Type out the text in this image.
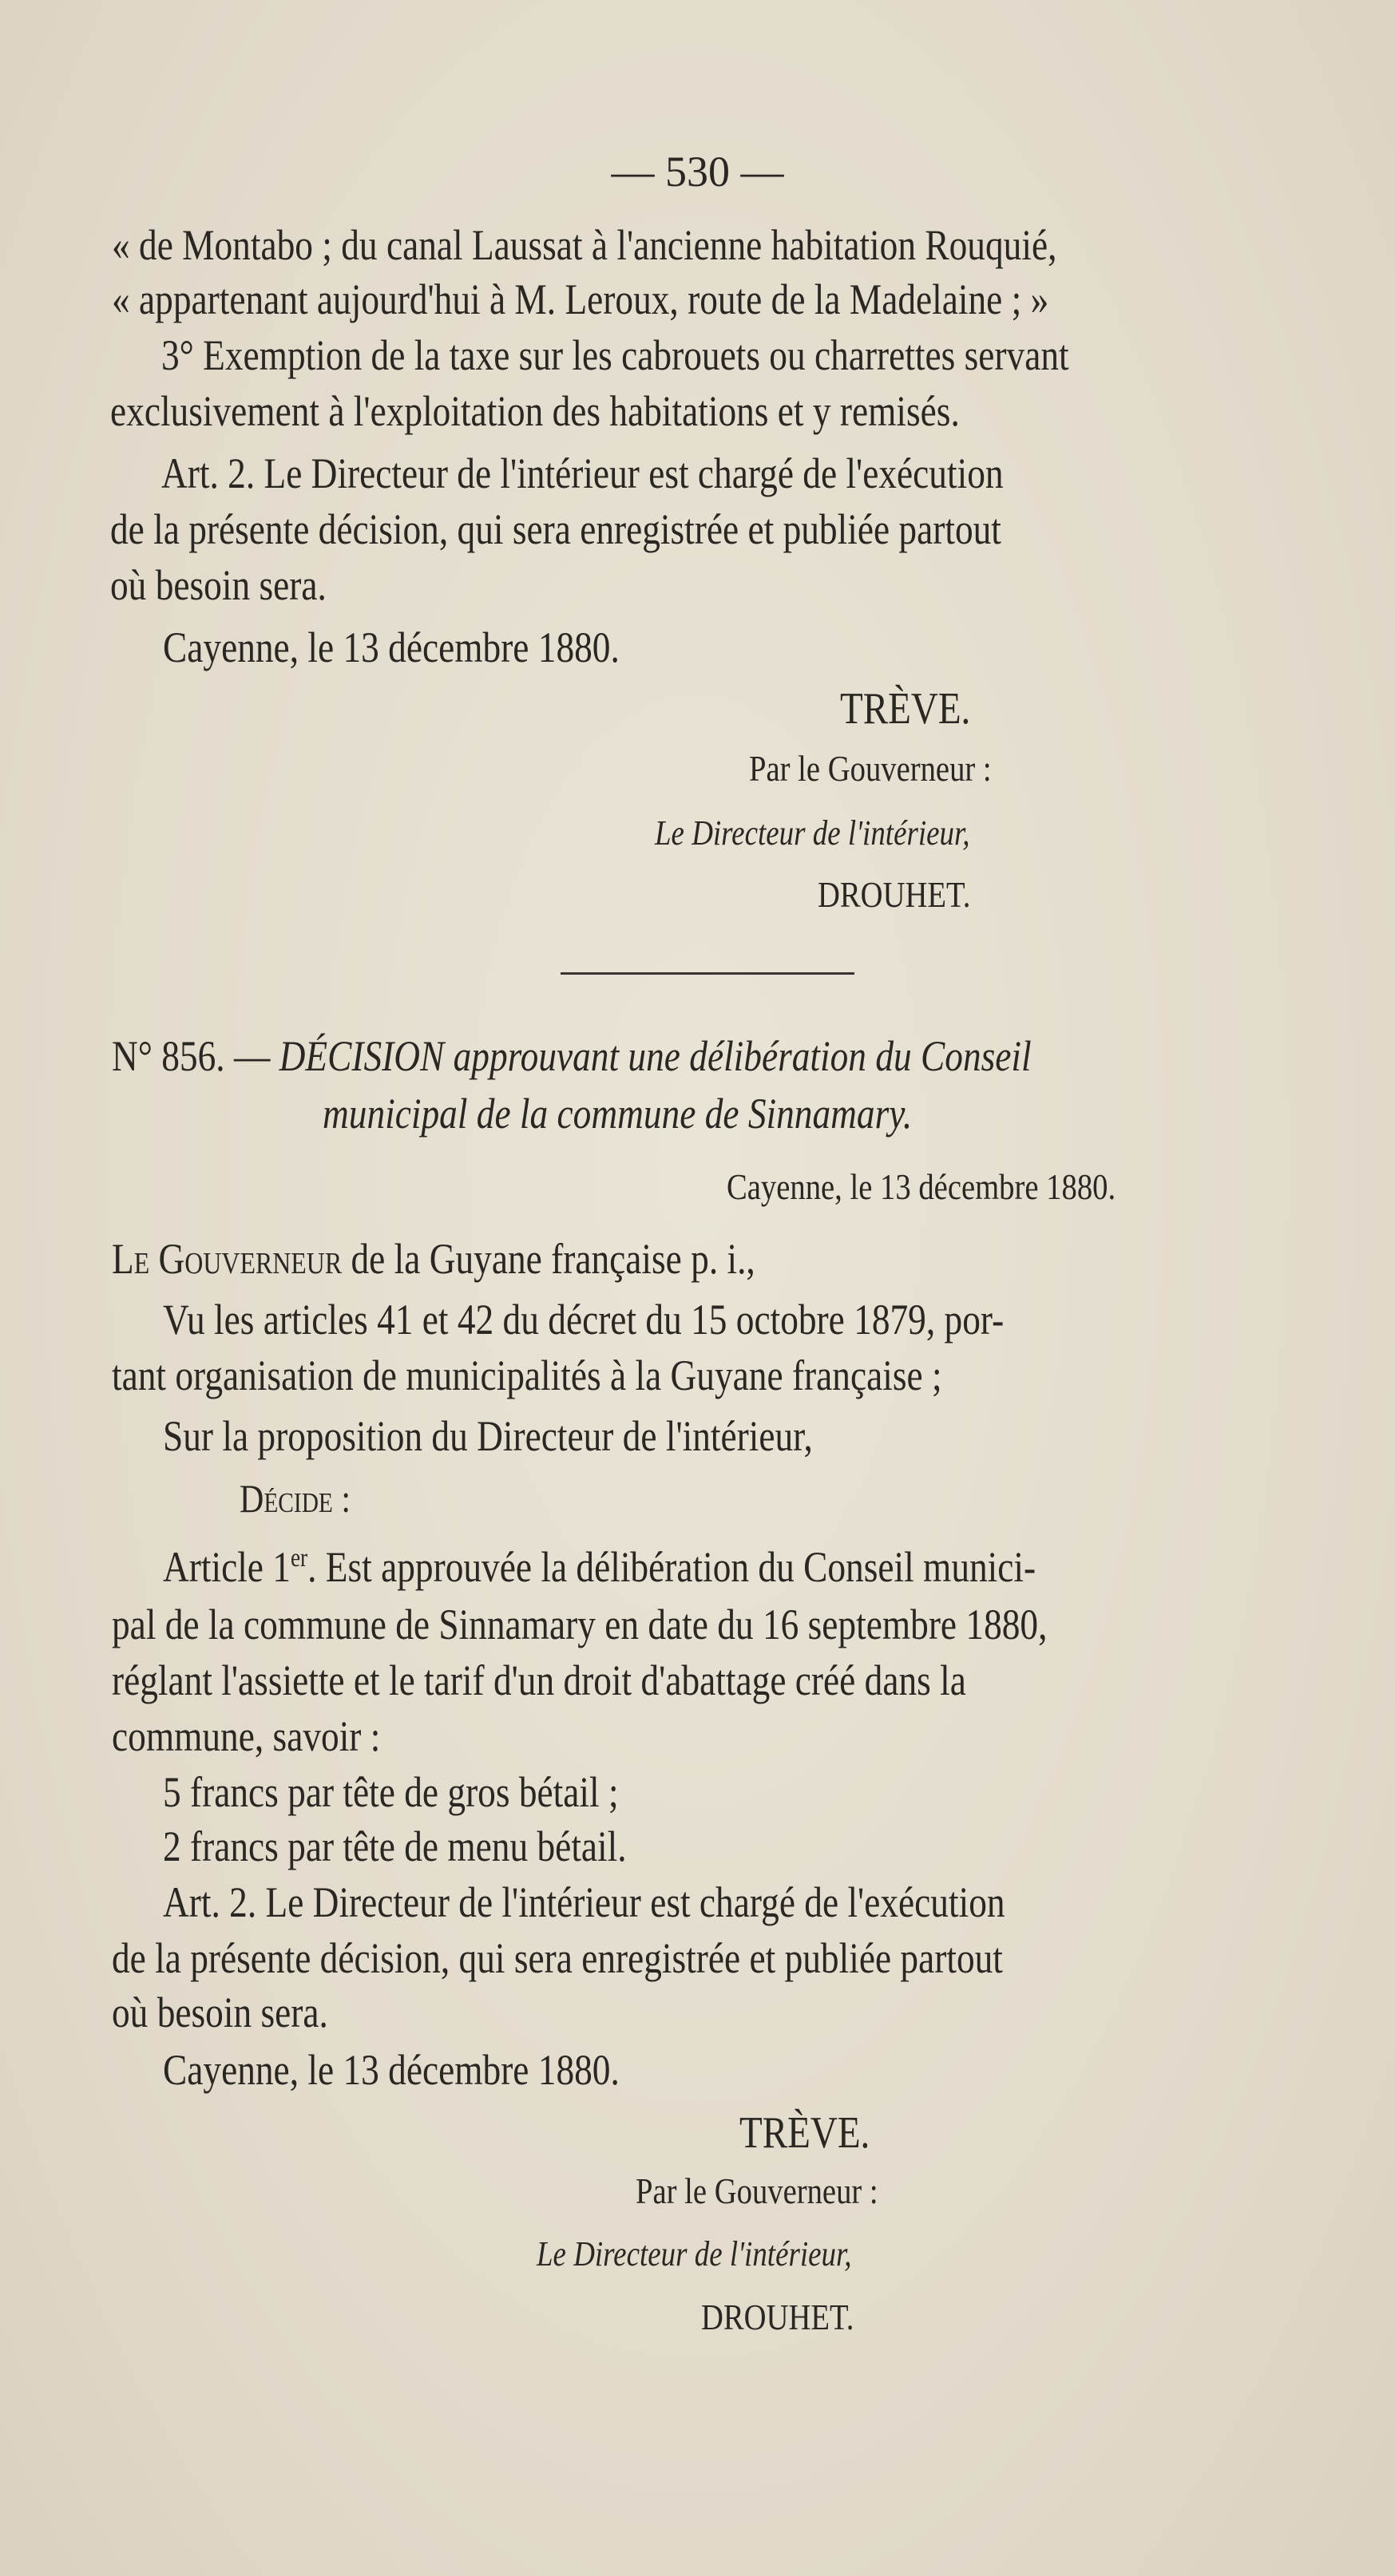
— 530 —
« de Montabo ; du canal Laussat à l'ancienne habitation Rouquié,
« appartenant aujourd'hui à M. Leroux, route de la Madelaine ; »
3° Exemption de la taxe sur les cabrouets ou charrettes servant
exclusivement à l'exploitation des habitations et y remisés.
Art. 2. Le Directeur de l'intérieur est chargé de l'exécution
de la présente décision, qui sera enregistrée et publiée partout
où besoin sera.
Cayenne, le 13 décembre 1880.
TRÈVE.
Par le Gouverneur :
Le Directeur de l'intérieur,
DROUHET.
N° 856. — DÉCISION approuvant une délibération du Conseil
municipal de la commune de Sinnamary.
Cayenne, le 13 décembre 1880.
Le Gouverneur de la Guyane française p. i.,
Vu les articles 41 et 42 du décret du 15 octobre 1879, por-
tant organisation de municipalités à la Guyane française ;
Sur la proposition du Directeur de l'intérieur,
Décide :
Article 1er. Est approuvée la délibération du Conseil munici-
pal de la commune de Sinnamary en date du 16 septembre 1880,
réglant l'assiette et le tarif d'un droit d'abattage créé dans la
commune, savoir :
5 francs par tête de gros bétail ;
2 francs par tête de menu bétail.
Art. 2. Le Directeur de l'intérieur est chargé de l'exécution
de la présente décision, qui sera enregistrée et publiée partout
où besoin sera.
Cayenne, le 13 décembre 1880.
TRÈVE.
Par le Gouverneur :
Le Directeur de l'intérieur,
DROUHET.
